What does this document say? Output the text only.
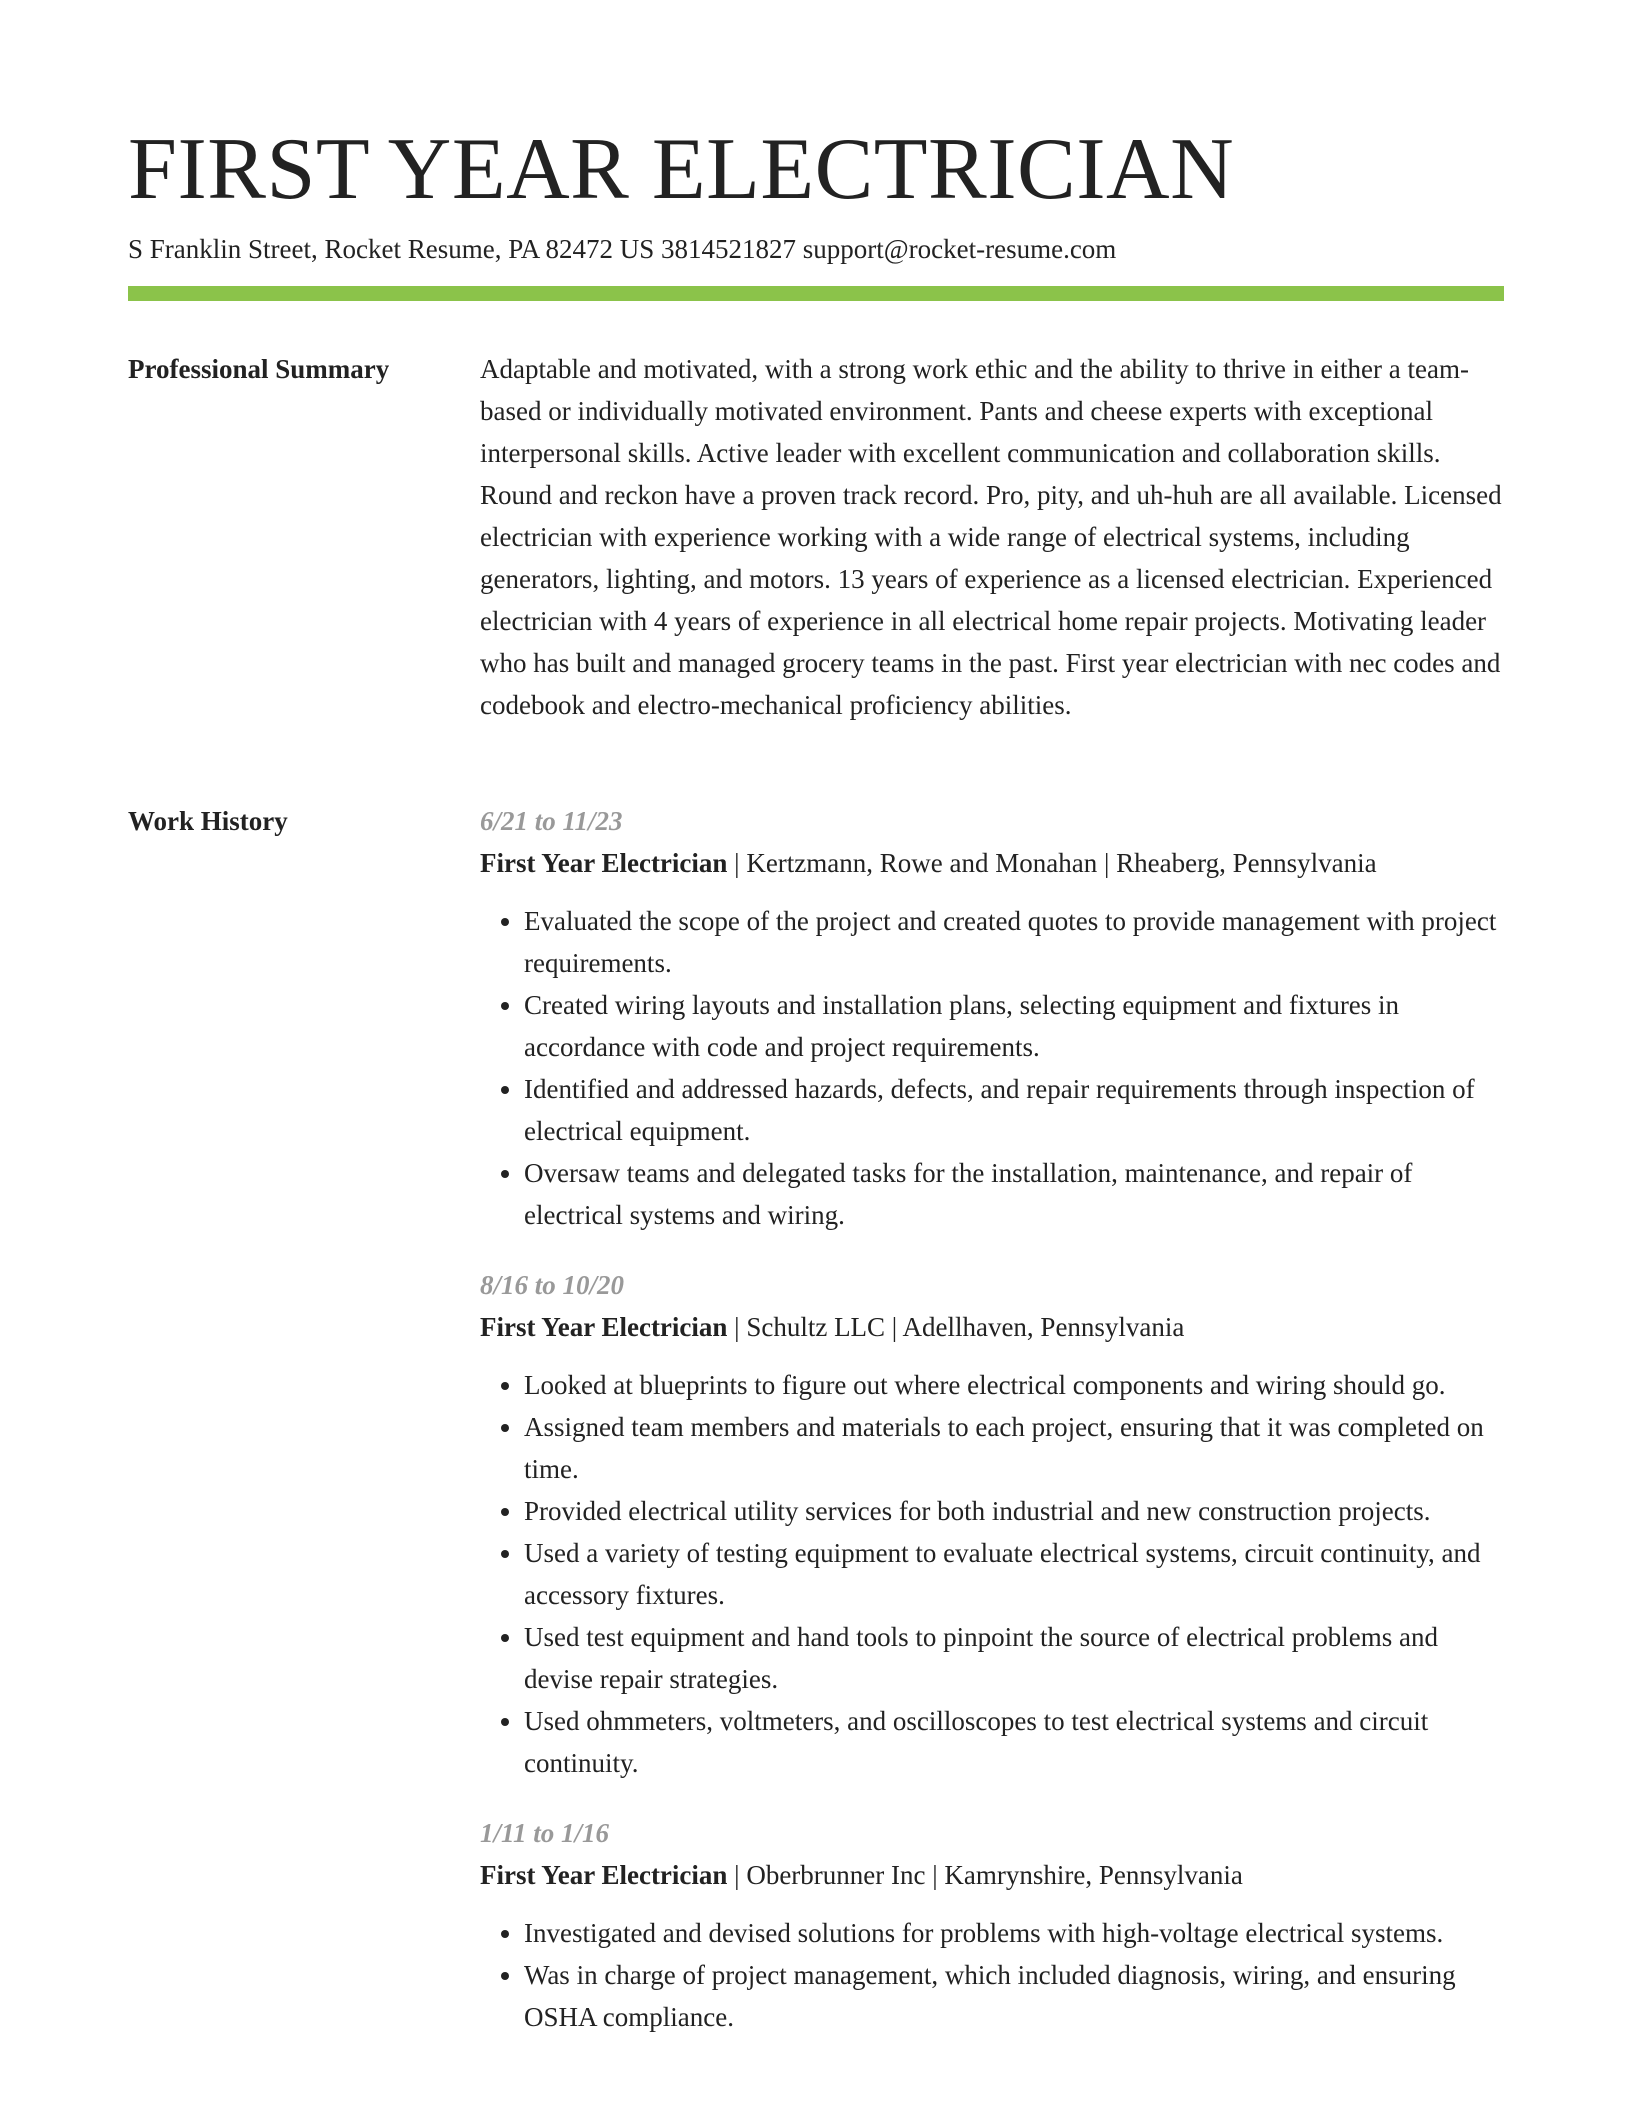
FIRST YEAR ELECTRICIAN
S Franklin Street, Rocket Resume, PA 82472 US 3814521827 support@rocket-resume.com
Professional Summary	Adaptable and motivated, with a strong work ethic and the ability to thrive in either a team-based or individually motivated environment. Pants and cheese experts with exceptional interpersonal skills. Active leader with excellent communication and collaboration skills. Round and reckon have a proven track record. Pro, pity, and uh-huh are all available. Licensed electrician with experience working with a wide range of electrical systems, including generators, lighting, and motors. 13 years of experience as a licensed electrician. Experienced electrician with 4 years of experience in all electrical home repair projects. Motivating leader who has built and managed grocery teams in the past. First year electrician with nec codes and codebook and electro-mechanical proficiency abilities.

Work History	6/21 to 11/23
First Year Electrician | Kertzmann, Rowe and Monahan | Rheaberg, Pennsylvania
• Evaluated the scope of the project and created quotes to provide management with project requirements.
• Created wiring layouts and installation plans, selecting equipment and fixtures in accordance with code and project requirements.
• Identified and addressed hazards, defects, and repair requirements through inspection of electrical equipment.
• Oversaw teams and delegated tasks for the installation, maintenance, and repair of electrical systems and wiring.
8/16 to 10/20
First Year Electrician | Schultz LLC | Adellhaven, Pennsylvania
• Looked at blueprints to figure out where electrical components and wiring should go.
• Assigned team members and materials to each project, ensuring that it was completed on time.
• Provided electrical utility services for both industrial and new construction projects.
• Used a variety of testing equipment to evaluate electrical systems, circuit continuity, and accessory fixtures.
• Used test equipment and hand tools to pinpoint the source of electrical problems and devise repair strategies.
• Used ohmmeters, voltmeters, and oscilloscopes to test electrical systems and circuit continuity.
1/11 to 1/16
First Year Electrician | Oberbrunner Inc | Kamrynshire, Pennsylvania
• Investigated and devised solutions for problems with high-voltage electrical systems.
• Was in charge of project management, which included diagnosis, wiring, and ensuring OSHA compliance.
